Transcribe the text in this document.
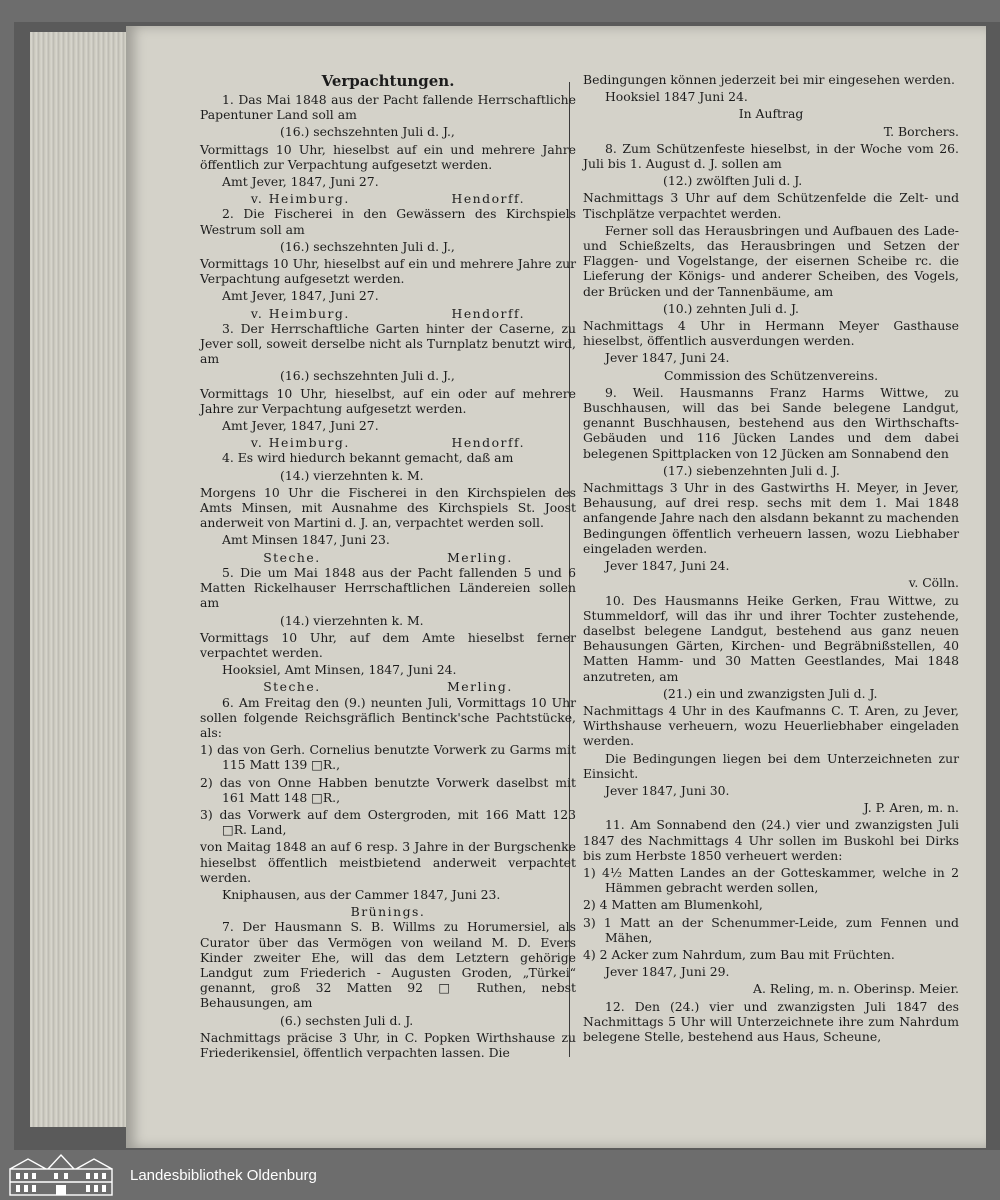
Verpachtungen.

1. Das Mai 1848 aus der Pacht fallende Herrschaftliche Papentuner Land soll am

(16.) sechszehnten Juli d. J.,

Vormittags 10 Uhr, hieselbst auf ein und mehrere Jahre öffentlich zur Verpachtung aufgesetzt werden.

Amt Jever, 1847, Juni 27.

v. Heimburg.	Hendorff.

2. Die Fischerei in den Gewässern des Kirchspiels Westrum soll am

(16.) sechszehnten Juli d. J.,

Vormittags 10 Uhr, hieselbst auf ein und mehrere Jahre zur Verpachtung aufgesetzt werden.

Amt Jever, 1847, Juni 27.

v. Heimburg.	Hendorff.

3. Der Herrschaftliche Garten hinter der Caserne, zu Jever soll, soweit derselbe nicht als Turnplatz benutzt wird, am

(16.) sechszehnten Juli d. J.,

Vormittags 10 Uhr, hieselbst, auf ein oder auf mehrere Jahre zur Verpachtung aufgesetzt werden.

Amt Jever, 1847, Juni 27.

v. Heimburg.	Hendorff.

4. Es wird hiedurch bekannt gemacht, daß am

(14.) vierzehnten k. M.

Morgens 10 Uhr die Fischerei in den Kirchspielen des Amts Minsen, mit Ausnahme des Kirchspiels St. Joost anderweit von Martini d. J. an, verpachtet werden soll.

Amt Minsen 1847, Juni 23.

Steche.	Merling.

5. Die um Mai 1848 aus der Pacht fallenden 5 und 6 Matten Rickelhauser Herrschaftlichen Ländereien sollen am

(14.) vierzehnten k. M.

Vormittags 10 Uhr, auf dem Amte hieselbst ferner verpachtet werden.

Hooksiel, Amt Minsen, 1847, Juni 24.

Steche.	Merling.

6. Am Freitag den (9.) neunten Juli, Vormittags 10 Uhr sollen folgende Reichsgräflich Bentinck'sche Pachtstücke, als:

1) das von Gerh. Cornelius benutzte Vorwerk zu Garms mit 115 Matt 139 □R.,

2) das von Onne Habben benutzte Vorwerk daselbst mit 161 Matt 148 □R.,

3) das Vorwerk auf dem Ostergroden, mit 166 Matt 123 □R. Land,

von Maitag 1848 an auf 6 resp. 3 Jahre in der Burgschenke hieselbst öffentlich meistbietend anderweit verpachtet werden.

Kniphausen, aus der Cammer 1847, Juni 23.

Brünings.

7. Der Hausmann S. B. Willms zu Horumersiel, als Curator über das Vermögen von weiland M. D. Evers Kinder zweiter Ehe, will das dem Letztern gehörige Landgut zum Friederich - Augusten Groden, „Türkei“ genannt, groß 32 Matten 92 □ Ruthen, nebst Behausungen, am

(6.) sechsten Juli d. J.

Nachmittags präcise 3 Uhr, in C. Popken Wirthshause zu Friederikensiel, öffentlich verpachten lassen. Die

Bedingungen können jederzeit bei mir eingesehen werden.

Hooksiel 1847 Juni 24.

In Auftrag

T. Borchers.

8. Zum Schützenfeste hieselbst, in der Woche vom 26. Juli bis 1. August d. J. sollen am

(12.) zwölften Juli d. J.

Nachmittags 3 Uhr auf dem Schützenfelde die Zelt- und Tischplätze verpachtet werden.

Ferner soll das Herausbringen und Aufbauen des Lade- und Schießzelts, das Herausbringen und Setzen der Flaggen- und Vogelstange, der eisernen Scheibe rc. die Lieferung der Königs- und anderer Scheiben, des Vogels, der Brücken und der Tannenbäume, am

(10.) zehnten Juli d. J.

Nachmittags 4 Uhr in Hermann Meyer Gasthause hieselbst, öffentlich ausverdungen werden.

Jever 1847, Juni 24.

Commission des Schützenvereins.

9. Weil. Hausmanns Franz Harms Wittwe, zu Buschhausen, will das bei Sande belegene Landgut, genannt Buschhausen, bestehend aus den Wirthschafts-Gebäuden und 116 Jücken Landes und dem dabei belegenen Spittplacken von 12 Jücken am Sonnabend den

(17.) siebenzehnten Juli d. J.

Nachmittags 3 Uhr in des Gastwirths H. Meyer, in Jever, Behausung, auf drei resp. sechs mit dem 1. Mai 1848 anfangende Jahre nach den alsdann bekannt zu machenden Bedingungen öffentlich verheuern lassen, wozu Liebhaber eingeladen werden.

Jever 1847, Juni 24.

v. Cölln.

10. Des Hausmanns Heike Gerken, Frau Wittwe, zu Stummeldorf, will das ihr und ihrer Tochter zustehende, daselbst belegene Landgut, bestehend aus ganz neuen Behausungen Gärten, Kirchen- und Begräbnißstellen, 40 Matten Hamm- und 30 Matten Geestlandes, Mai 1848 anzutreten, am

(21.) ein und zwanzigsten Juli d. J.

Nachmittags 4 Uhr in des Kaufmanns C. T. Aren, zu Jever, Wirthshause verheuern, wozu Heuerliebhaber eingeladen werden.

Die Bedingungen liegen bei dem Unterzeichneten zur Einsicht.

Jever 1847, Juni 30.

J. P. Aren, m. n.

11. Am Sonnabend den (24.) vier und zwanzigsten Juli 1847 des Nachmittags 4 Uhr sollen im Buskohl bei Dirks bis zum Herbste 1850 verheuert werden:

1) 4½ Matten Landes an der Gotteskammer, welche in 2 Hämmen gebracht werden sollen,

2) 4 Matten am Blumenkohl,

3) 1 Matt an der Schenummer-Leide, zum Fennen und Mähen,

4) 2 Acker zum Nahrdum, zum Bau mit Früchten.

Jever 1847, Juni 29.

A. Reling, m. n. Oberinsp. Meier.

12. Den (24.) vier und zwanzigsten Juli 1847 des Nachmittags 5 Uhr will Unterzeichnete ihre zum Nahrdum belegene Stelle, bestehend aus Haus, Scheune,

Landesbibliothek Oldenburg
